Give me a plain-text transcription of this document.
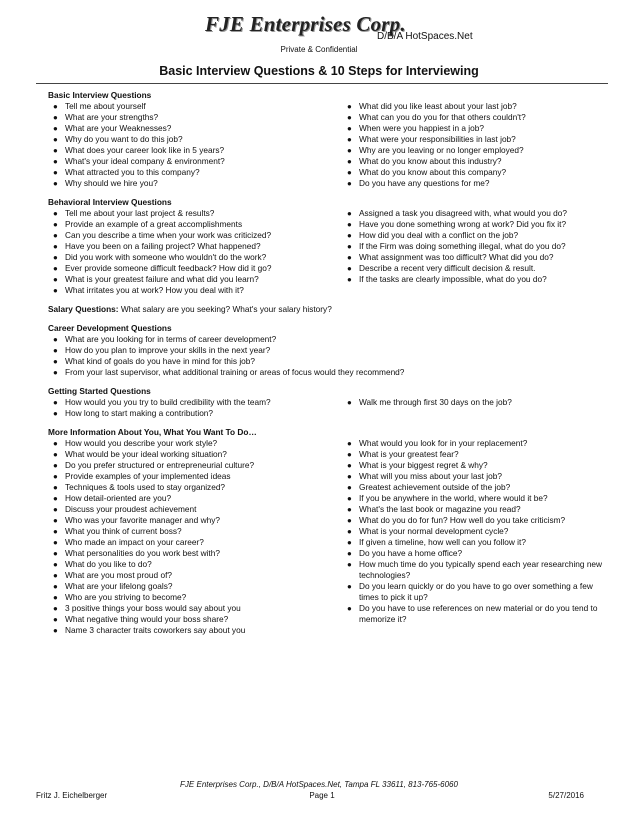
FJE Enterprises Corp.
D/B/A HotSpaces.Net
Private & Confidential
Basic Interview Questions & 10 Steps for Interviewing
Basic Interview Questions
● Tell me about yourself
● What are your strengths?
● What are your Weaknesses?
● Why do you want to do this job?
● What does your career look like in 5 years?
● What's your ideal company & environment?
● What attracted you to this company?
● Why should we hire you?
● What did you like least about your last job?
● What can you do you for that others couldn't?
● When were you happiest in a job?
● What were your responsibilities in last job?
● Why are you leaving or no longer employed?
● What do you know about this industry?
● What do you know about this company?
● Do you have any questions for me?
Behavioral Interview Questions
● Tell me about your last project & results?
● Provide an example of a great accomplishments
● Can you describe a time when your work was criticized?
● Have you been on a failing project? What happened?
● Did you work with someone who wouldn't do the work?
● Ever provide someone difficult feedback? How did it go?
● What is your greatest failure and what did you learn?
● What irritates you at work? How you deal with it?
● Assigned a task you disagreed with, what would you do?
● Have you done something wrong at work? Did you fix it?
● How did you deal with a conflict on the job?
● If the Firm was doing something illegal, what do you do?
● What assignment was too difficult? What did you do?
● Describe a recent very difficult decision & result.
● If the tasks are clearly impossible, what do you do?
Salary Questions: What salary are you seeking? What's your salary history?
Career Development Questions
● What are you looking for in terms of career development?
● How do you plan to improve your skills in the next year?
● What kind of goals do you have in mind for this job?
● From your last supervisor, what additional training or areas of focus would they recommend?
Getting Started Questions
● How would you you try to build credibility with the team?
● How long to start making a contribution?
● Walk me through first 30 days on the job?
More Information About You, What You Want To Do…
● How would you describe your work style?
● What would be your ideal working situation?
● Do you prefer structured or entrepreneurial culture?
● Provide examples of your implemented ideas
● Techniques & tools used to stay organized?
● How detail-oriented are you?
● Discuss your proudest achievement
● Who was your favorite manager and why?
● What you think of current boss?
● Who made an impact on your career?
● What personalities do you work best with?
● What do you like to do?
● What are you most proud of?
● What are your lifelong goals?
● Who are you striving to become?
● 3 positive things your boss would say about you
● What negative thing would your boss share?
● Name 3 character traits coworkers say about you
● What would you look for in your replacement?
● What is your greatest fear?
● What is your biggest regret & why?
● What will you miss about your last job?
● Greatest achievement outside of the job?
● If you be anywhere in the world, where would it be?
● What's the last book or magazine you read?
● What do you do for fun? How well do you take criticism?
● What is your normal development cycle?
● If given a timeline, how well can you follow it?
● Do you have a home office?
● How much time do you typically spend each year researching new technologies?
● Do you learn quickly or do you have to go over something a few times to pick it up?
● Do you have to use references on new material or do you tend to memorize it?
FJE Enterprises Corp., D/B/A HotSpaces.Net, Tampa FL 33611, 813-765-6060
Fritz J. Eichelberger	Page 1	5/27/2016
